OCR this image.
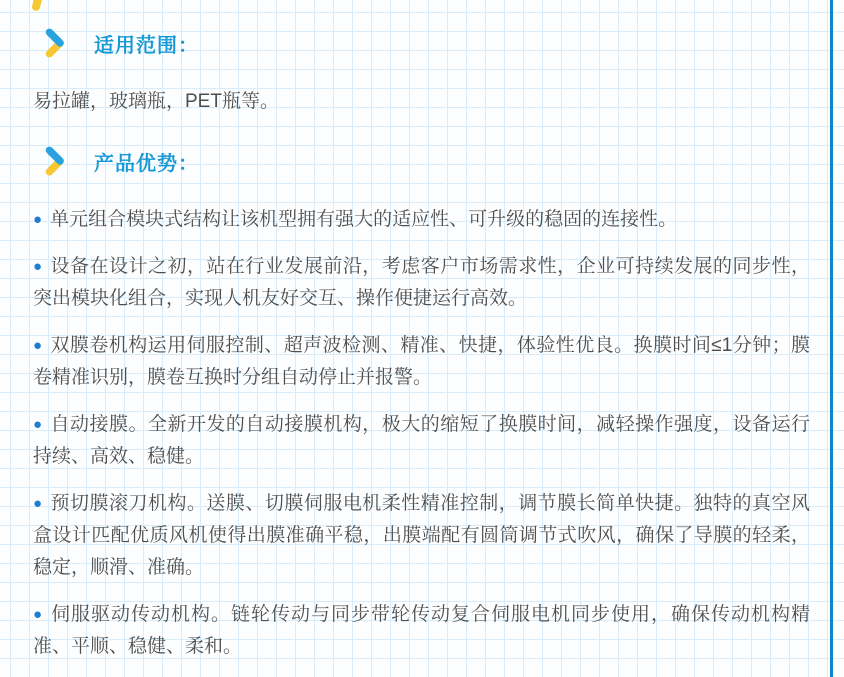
适用范围：

易拉罐，玻璃瓶，PET瓶等。

产品优势：

● 单元组合模块式结构让该机型拥有强大的适应性、可升级的稳固的连接性。

● 设备在设计之初，站在行业发展前沿，考虑客户市场需求性，企业可持续发展的同步性，突出模块化组合，实现人机友好交互、操作便捷运行高效。

● 双膜卷机构运用伺服控制、超声波检测、精准、快捷，体验性优良。换膜时间≤1分钟；膜卷精准识别，膜卷互换时分组自动停止并报警。

● 自动接膜。全新开发的自动接膜机构，极大的缩短了换膜时间，减轻操作强度，设备运行持续、高效、稳健。

● 预切膜滚刀机构。送膜、切膜伺服电机柔性精准控制，调节膜长简单快捷。独特的真空风盒设计匹配优质风机使得出膜准确平稳，出膜端配有圆筒调节式吹风，确保了导膜的轻柔，稳定，顺滑、准确。

● 伺服驱动传动机构。链轮传动与同步带轮传动复合伺服电机同步使用，确保传动机构精准、平顺、稳健、柔和。
